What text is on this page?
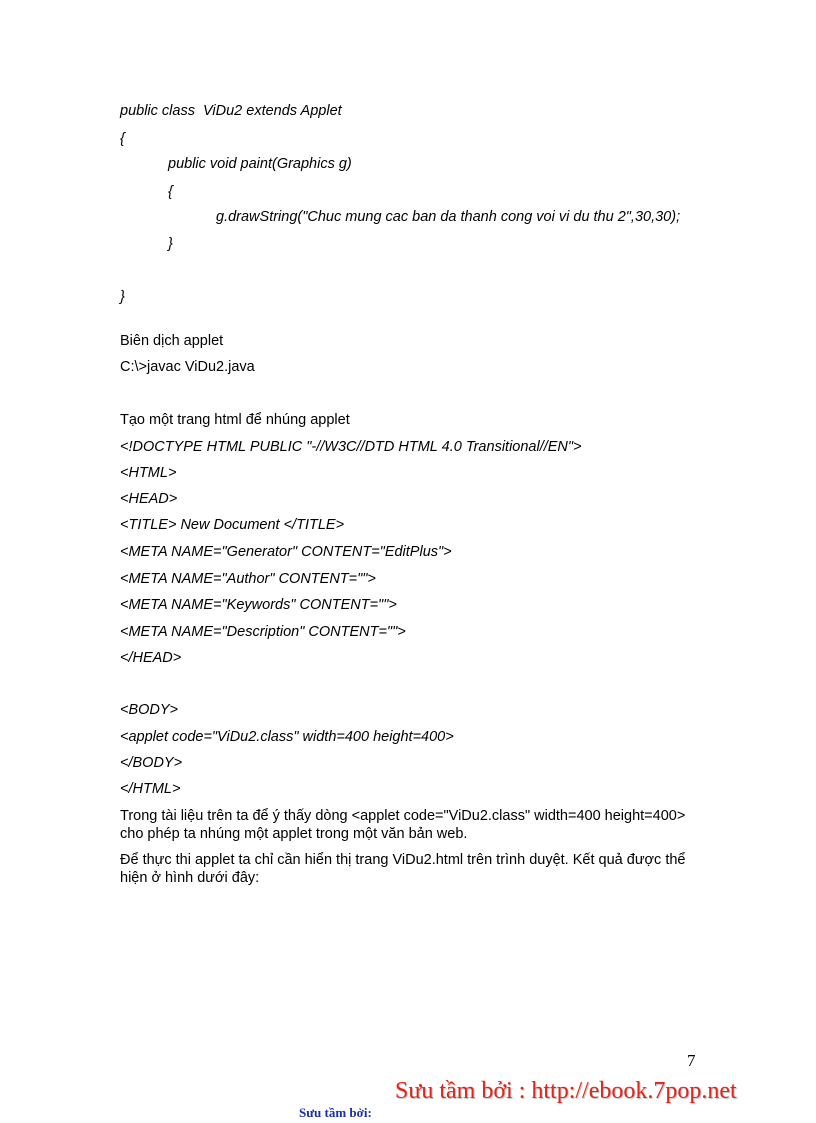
public class  ViDu2 extends Applet
{
public void paint(Graphics g)
{
g.drawString("Chuc mung cac ban da thanh cong voi vi du thu 2",30,30);
}
}
Biên dịch applet
C:\>javac ViDu2.java
Tạo một trang html để nhúng applet
<!DOCTYPE HTML PUBLIC "-//W3C//DTD HTML 4.0 Transitional//EN">
<HTML>
<HEAD>
<TITLE> New Document </TITLE>
<META NAME="Generator" CONTENT="EditPlus">
<META NAME="Author" CONTENT="">
<META NAME="Keywords" CONTENT="">
<META NAME="Description" CONTENT="">
</HEAD>
<BODY>
<applet code="ViDu2.class" width=400 height=400>
</BODY>
</HTML>
Trong tài liệu trên ta để ý thấy dòng <applet code="ViDu2.class" width=400 height=400> cho phép ta nhúng một applet trong một văn bản web.
Để thực thi applet ta chỉ cần hiển thị trang ViDu2.html trên trình duyệt. Kết quả được thể hiện ở hình dưới đây:
7
Sưu tầm bởi:
Sưu tầm bởi : http://ebook.7pop.net
